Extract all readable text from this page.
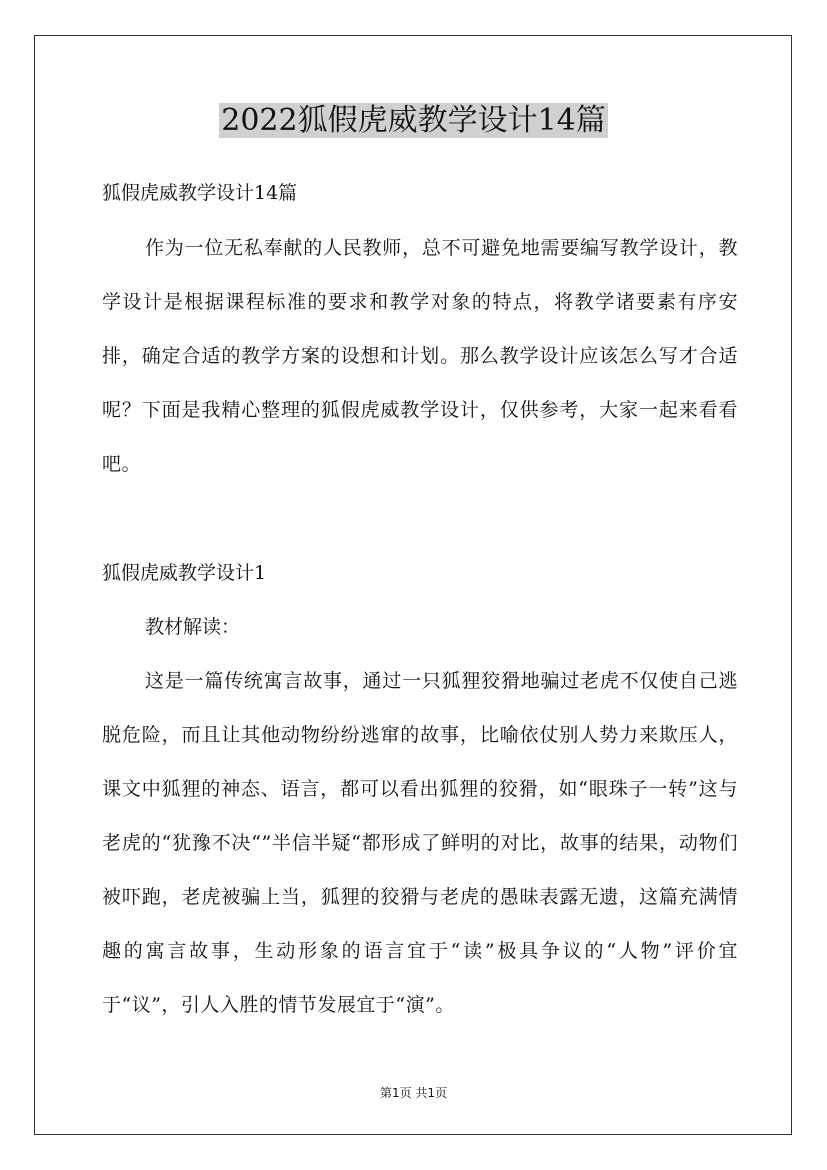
2022狐假虎威教学设计14篇
狐假虎威教学设计14篇
作为一位无私奉献的人民教师，总不可避免地需要编写教学设计，教学设计是根据课程标准的要求和教学对象的特点，将教学诸要素有序安排，确定合适的教学方案的设想和计划。那么教学设计应该怎么写才合适呢？下面是我精心整理的狐假虎威教学设计，仅供参考，大家一起来看看吧。
狐假虎威教学设计1
教材解读：
这是一篇传统寓言故事，通过一只狐狸狡猾地骗过老虎不仅使自己逃脱危险，而且让其他动物纷纷逃窜的故事，比喻依仗别人势力来欺压人，课文中狐狸的神态、语言，都可以看出狐狸的狡猾，如“眼珠子一转”这与老虎的“犹豫不决“”半信半疑“都形成了鲜明的对比，故事的结果，动物们被吓跑，老虎被骗上当，狐狸的狡猾与老虎的愚昧表露无遗，这篇充满情趣的寓言故事，生动形象的语言宜于“读”极具争议的“人物”评价宜于“议”，引人入胜的情节发展宜于“演”。
第1页 共1页
